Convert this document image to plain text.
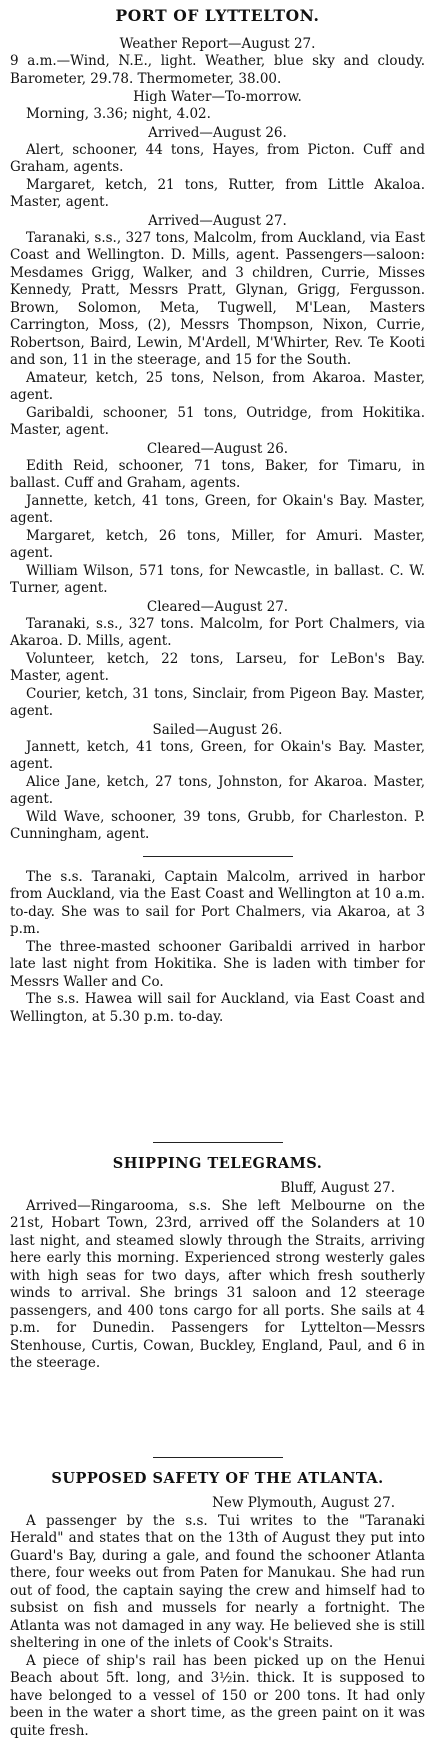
PORT OF LYTTELTON.
Weather Report—August 27.

9 a.m.—Wind, N.E., light. Weather, blue sky and cloudy. Barometer, 29.78. Thermometer, 38.00.

High Water—To-morrow.

Morning, 3.36; night, 4.02.

Arrived—August 26.

Alert, schooner, 44 tons, Hayes, from Picton. Cuff and Graham, agents.

Margaret, ketch, 21 tons, Rutter, from Little Akaloa. Master, agent.

Arrived—August 27.

Taranaki, s.s., 327 tons, Malcolm, from Auckland, via East Coast and Wellington. D. Mills, agent. Passengers—saloon: Mesdames Grigg, Walker, and 3 children, Currie, Misses Kennedy, Pratt, Messrs Pratt, Glynan, Grigg, Fergusson. Brown, Solomon, Meta, Tugwell, M'Lean, Masters Carrington, Moss, (2), Messrs Thompson, Nixon, Currie, Robertson, Baird, Lewin, M'Ardell, M'Whirter, Rev. Te Kooti and son, 11 in the steerage, and 15 for the South.

Amateur, ketch, 25 tons, Nelson, from Akaroa. Master, agent.

Garibaldi, schooner, 51 tons, Outridge, from Hokitika. Master, agent.

Cleared—August 26.

Edith Reid, schooner, 71 tons, Baker, for Timaru, in ballast. Cuff and Graham, agents.

Jannette, ketch, 41 tons, Green, for Okain's Bay. Master, agent.

Margaret, ketch, 26 tons, Miller, for Amuri. Master, agent.

William Wilson, 571 tons, for Newcastle, in ballast. C. W. Turner, agent.

Cleared—August 27.

Taranaki, s.s., 327 tons. Malcolm, for Port Chalmers, via Akaroa. D. Mills, agent.

Volunteer, ketch, 22 tons, Larseu, for LeBon's Bay. Master, agent.

Courier, ketch, 31 tons, Sinclair, from Pigeon Bay. Master, agent.

Sailed—August 26.

Jannett, ketch, 41 tons, Green, for Okain's Bay. Master, agent.

Alice Jane, ketch, 27 tons, Johnston, for Akaroa. Master, agent.

Wild Wave, schooner, 39 tons, Grubb, for Charleston. P. Cunningham, agent.

The s.s. Taranaki, Captain Malcolm, arrived in harbor from Auckland, via the East Coast and Wellington at 10 a.m. to-day. She was to sail for Port Chalmers, via Akaroa, at 3 p.m.

The three-masted schooner Garibaldi arrived in harbor late last night from Hokitika. She is laden with timber for Messrs Waller and Co.

The s.s. Hawea will sail for Auckland, via East Coast and Wellington, at 5.30 p.m. to-day.

SHIPPING TELEGRAMS.

Bluff, August 27.

Arrived—Ringarooma, s.s. She left Melbourne on the 21st, Hobart Town, 23rd, arrived off the Solanders at 10 last night, and steamed slowly through the Straits, arriving here early this morning. Experienced strong westerly gales with high seas for two days, after which fresh southerly winds to arrival. She brings 31 saloon and 12 steerage passengers, and 400 tons cargo for all ports. She sails at 4 p.m. for Dunedin. Passengers for Lyttelton—Messrs Stenhouse, Curtis, Cowan, Buckley, England, Paul, and 6 in the steerage.

SUPPOSED SAFETY OF THE ATLANTA.

New Plymouth, August 27.

A passenger by the s.s. Tui writes to the "Taranaki Herald" and states that on the 13th of August they put into Guard's Bay, during a gale, and found the schooner Atlanta there, four weeks out from Paten for Manukau. She had run out of food, the captain saying the crew and himself had to subsist on fish and mussels for nearly a fortnight. The Atlanta was not damaged in any way. He believed she is still sheltering in one of the inlets of Cook's Straits.

A piece of ship's rail has been picked up on the Henui Beach about 5ft. long, and 3½in. thick. It is supposed to have belonged to a vessel of 150 or 200 tons. It had only been in the water a short time, as the green paint on it was quite fresh.
